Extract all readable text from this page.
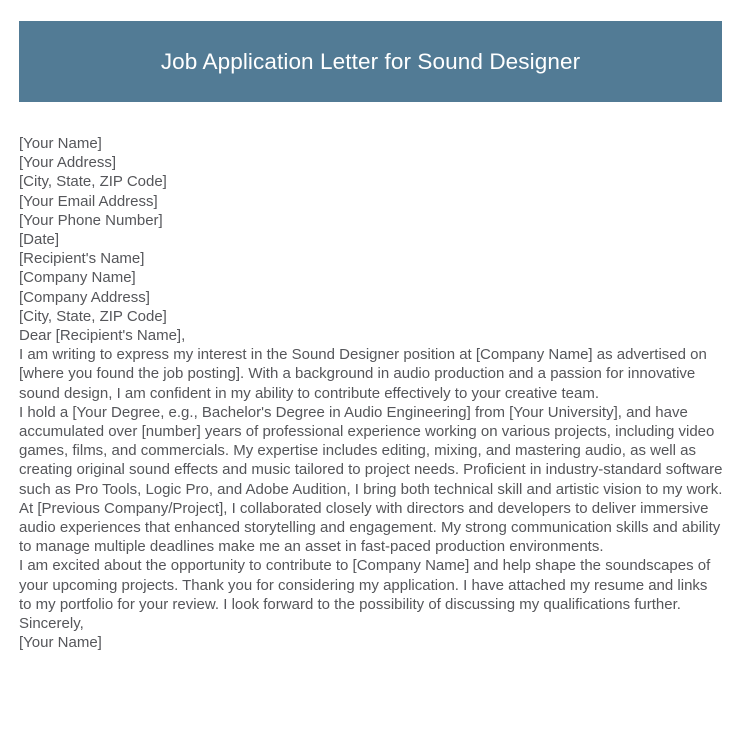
Job Application Letter for Sound Designer
[Your Name]
[Your Address]
[City, State, ZIP Code]
[Your Email Address]
[Your Phone Number]
[Date]
[Recipient's Name]
[Company Name]
[Company Address]
[City, State, ZIP Code]
Dear [Recipient's Name],

I am writing to express my interest in the Sound Designer position at [Company Name] as advertised on [where you found the job posting]. With a background in audio production and a passion for innovative sound design, I am confident in my ability to contribute effectively to your creative team.

I hold a [Your Degree, e.g., Bachelor's Degree in Audio Engineering] from [Your University], and have accumulated over [number] years of professional experience working on various projects, including video games, films, and commercials. My expertise includes editing, mixing, and mastering audio, as well as creating original sound effects and music tailored to project needs. Proficient in industry-standard software such as Pro Tools, Logic Pro, and Adobe Audition, I bring both technical skill and artistic vision to my work.

At [Previous Company/Project], I collaborated closely with directors and developers to deliver immersive audio experiences that enhanced storytelling and engagement. My strong communication skills and ability to manage multiple deadlines make me an asset in fast-paced production environments.

I am excited about the opportunity to contribute to [Company Name] and help shape the soundscapes of your upcoming projects. Thank you for considering my application. I have attached my resume and links to my portfolio for your review. I look forward to the possibility of discussing my qualifications further.

Sincerely,
[Your Name]
